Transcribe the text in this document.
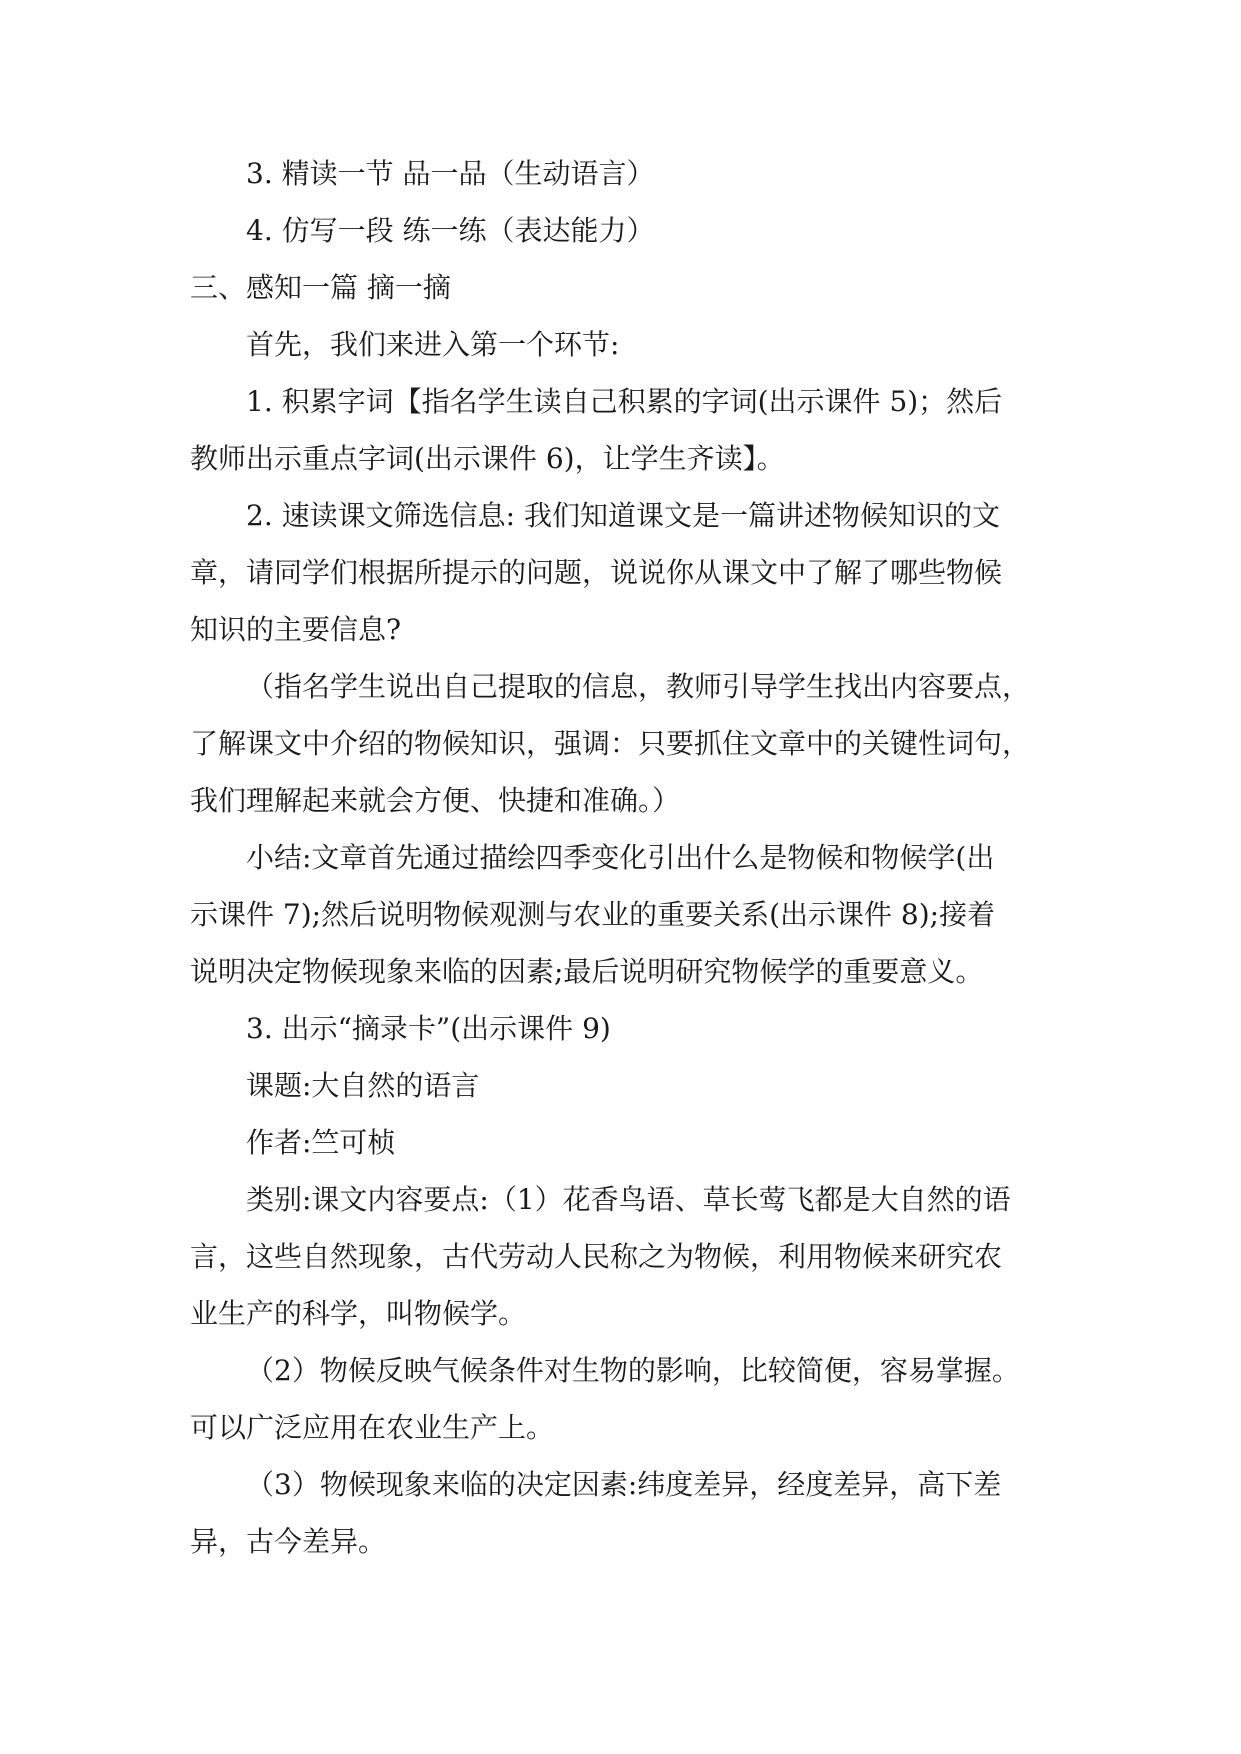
3. 精读一节 品一品（生动语言）
4. 仿写一段 练一练（表达能力）
三、感知一篇 摘一摘
首先，我们来进入第一个环节:
1. 积累字词【指名学生读自己积累的字词(出示课件 5)；然后
教师出示重点字词(出示课件 6)，让学生齐读】。
2. 速读课文筛选信息: 我们知道课文是一篇讲述物候知识的文
章，请同学们根据所提示的问题，说说你从课文中了解了哪些物候
知识的主要信息?
（指名学生说出自己提取的信息，教师引导学生找出内容要点，
了解课文中介绍的物候知识，强调：只要抓住文章中的关键性词句，
我们理解起来就会方便、快捷和准确。）
小结:文章首先通过描绘四季变化引出什么是物候和物候学(出
示课件 7);然后说明物候观测与农业的重要关系(出示课件 8);接着
说明决定物候现象来临的因素;最后说明研究物候学的重要意义。
3. 出示“摘录卡”(出示课件 9)
课题:大自然的语言
作者:竺可桢
类别:课文内容要点:（1）花香鸟语、草长莺飞都是大自然的语
言，这些自然现象，古代劳动人民称之为物候，利用物候来研究农
业生产的科学，叫物候学。
（2）物候反映气候条件对生物的影响，比较简便，容易掌握。
可以广泛应用在农业生产上。
（3）物候现象来临的决定因素:纬度差异，经度差异，高下差
异，古今差异。
